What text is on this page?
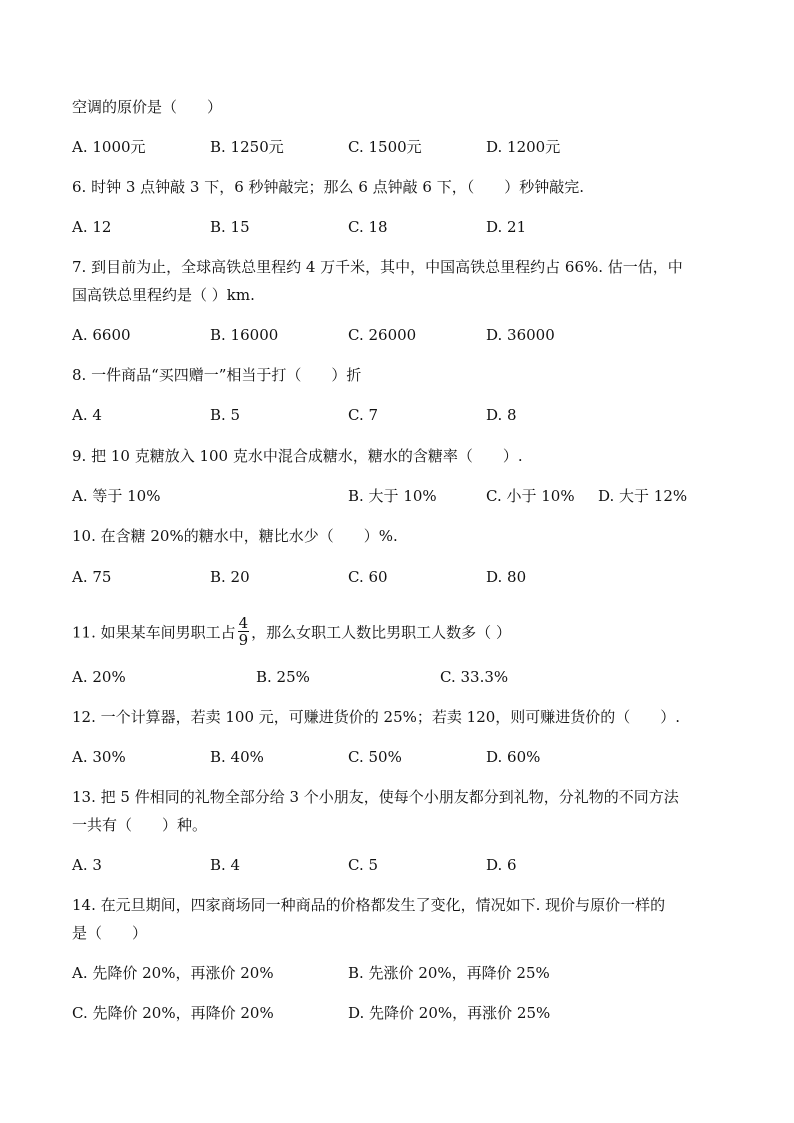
空调的原价是（　　）
A. 1000元	B. 1250元	C. 1500元	D. 1200元
6. 时钟 3 点钟敲 3 下，6 秒钟敲完；那么 6 点钟敲 6 下，（　　）秒钟敲完.
A. 12	B. 15	C. 18	D. 21
7. 到目前为止，全球高铁总里程约 4 万千米，其中，中国高铁总里程约占 66%. 估一估，中
国高铁总里程约是（ ）km.
A. 6600	B. 16000	C. 26000	D. 36000
8. 一件商品“买四赠一”相当于打（　　）折
A. 4	B. 5	C. 7	D. 8
9. 把 10 克糖放入 100 克水中混合成糖水，糖水的含糖率（　　）.
A. 等于 10%	B. 大于 10%	C. 小于 10% D. 大于 12%
10. 在含糖 20%的糖水中，糖比水少（　　）%.
A. 75	B. 20	C. 60	D. 80
11. 如果某车间男职工占 $\frac{4}{9}$ ，那么女职工人数比男职工人数多（ ）
A. 20%	B. 25%	C. 33.3%
12. 一个计算器，若卖 100 元，可赚进货价的 25%；若卖 120，则可赚进货价的（　　）.
A. 30%	B. 40%	C. 50%	D. 60%
13. 把 5 件相同的礼物全部分给 3 个小朋友，使每个小朋友都分到礼物，分礼物的不同方法
一共有（　　）种。
A. 3	B. 4	C. 5	D. 6
14. 在元旦期间，四家商场同一种商品的价格都发生了变化，情况如下. 现价与原价一样的
是（　　）
A. 先降价 20%，再涨价 20%	B. 先涨价 20%，再降价 25%
C. 先降价 20%，再降价 20%	D. 先降价 20%，再涨价 25%
